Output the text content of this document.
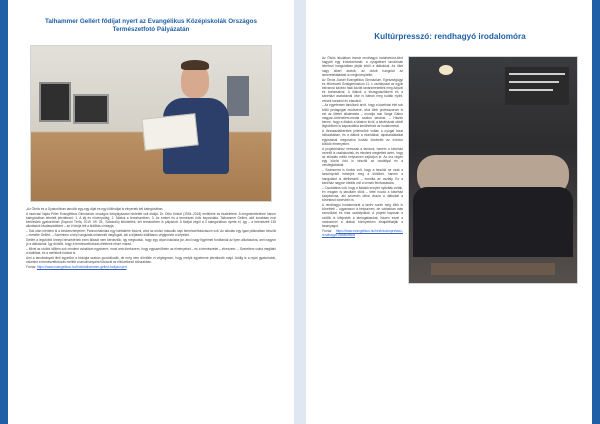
Talhammer Gellért fődíjat nyert az Evangélikus Középiskolák Országos Természetfotó Pályázatán

„Az Ötvös és a Gyakorlóban tanulók egy-egy díjat és egy különdíjat is elnyertek két kategóriában.

A szarvasi Vajda Péter Evangélikus Gimnázium országos fotópályázatot hirdetett volt diákja, Dr. Ditró Kristóf (1994–2018) emlékére és tiszteletére. A megmérettetésre három kategóriában lehetett jelentkezni: 1. A táj és növényvilág, 2. Állatok a természetben, 3. Az ember és a természet örök kapcsolata. Talhammer Gellért, akit korábban már kerületünk gyakorlóban (Soproni Térfa, 2019. 09. 25., Szkobáló) kitüntettek, két témakörben is pályázott. A fődíjat végül a 3 kategóriában nyerte el, így – a beérkezett 135 alkotásból kiválasztottként – az ő fotója lett a kiállítás címlapja.

– Sok után mentem ki a keskenzhelyeirre, Pannonhalmára egy bárfáldére fotózni, ahol az utolsó második napi természetfotózásom volt. Az alkotás egy igazi pillanatban készült – mesélte Gellért. – Szerintem a kép hangulata mindenkit megfogott, aki a díjátadó kiállításon végignézte a képeket.

Gellért a legutóbbi ünnepi beszédének ezen állását nem kérdeztük, így megtudtuk, hogy egy olyan iskolába jár, ahol nagy figyelmet fordítanak az ilyen alkotásokra, ami nagyon jó a diákoknak. Így döntött, hogy a természetfotózás életének része marad.

– Mivel az utóbbi időben sok mindent csináltam egyszerre, most arra törekszem, hogy egyszerűbben az élményeket – és a természetet – élvezzem. – Szerettem volna meglátni a kiállítást, és a mellékelt fotókat is.

Ami a tanulmányait illeti egyelőre a biológia szakon gondolkodik, de még nem döntötte el véglegesen, hogy melyik egyetemre jelentkezik majd. Addig is a nyári gyakorlatok, valamint a természetfotózás mellett a tanulmányaira fókuszál az elkövetkező időszakban.

Forrás: https://www.evangelikus.hu/hirek/talhammer-gellert-fodijat-nyert

Kultúrpresszó: rendhagyó irodalomóra

Az Ötvös iskolában immár rendhagyó irodalomóra-ként hagyott egy irodalomtanár; a nyugateset tanulóinak lekéhozl hangulatban járják körül a diákokkal. Az ötlet nagy sikert aratott, az oldott hangulat az ismeretekátadást is megkönnyítette.

Az Ötvös József Evangélikus Gimnázium, Egészségügyi és Művészeti Szakgimnázium 11. c osztályosai az egyik belvárosi kávézó falai között tanárkerekettek meg Adyval és kortársaival. A diákok a törzsgyasztóként és a kávéházi asztaloknál ülve is bátran meg tudták nyitni, versek sorsáról és írásokról.

– Az egyetemen tanultunk arról, hogy a kávéházi élet sok költő pedagógiai módszere, ahol több professzorom is ezt az ötletet alkalmazta – mondja már Varga Gábor magyar–történelem-media szakos tanáruk. – Hiszek benne, hogy a diákok a falakon kívül, a kávéházak oldott légkörében is kapcsolatba kerülhetnek az irodalommal.

A törzsasztalkeretek jellemzőek voltak a nyugat korai időszakában, és a diákok a munkáikat, tapasztalataikat egymással megosztva hozták közelebb az írókhoz kötődő élményeket.

A projektórához nemcsak a tanárok, hanem a kávéház vezetői is csatlakoztak, és mindent megtettek azért, hogy az előadás méltó helyszínen zajlódjon le. Az óra végén egy közös fotó is készült az osztállyal és a vendéglátókkal.

– Számomra is fontos volt, hogy a tanulók ne csak a tankönyvből ismerjék meg a költőket, hanem a hangulatot is átélhessék – mondta az osztály. Ez a kávéház nagyon ideális volt a versek felolvasására.

– Csodálatos volt, hogy a fiatalok ennyire nyitottak voltak, én magam is tanultam tőlük – tette hozzá a kávéház tulajdonosa, aki szívesen látná vissza a diákokat a következő tanévben is.

A rendhagyó irodalomórát a tanév során még több is követheti – ugyanazon a helyszínen, de várhatóan más szerzőkkel és más osztályokkal. A projekt kapcsán a szülők is kifejezték a támogatásukat, hiszen ezzel a módszerrel a diákok könnyebben elsajátíthatják a tananyagot.

Forrás: https://www.evangelikus.hu/hirek/kulturpresszo-rendhagyo-irodalomora
